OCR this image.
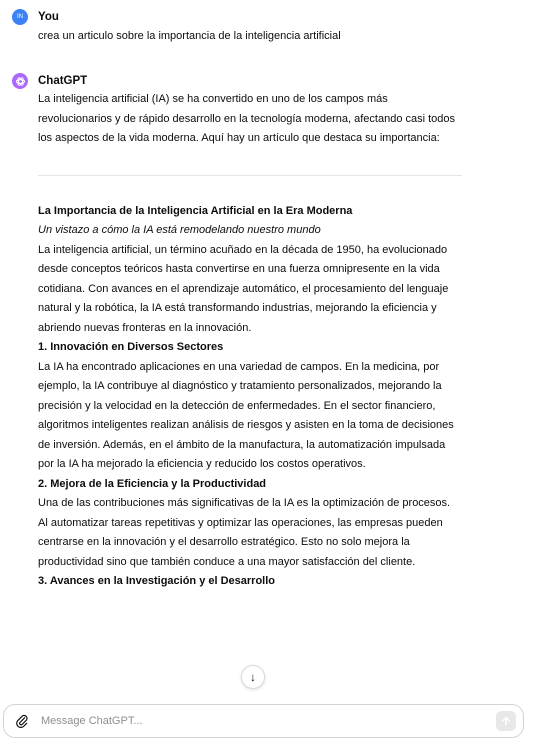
IN	You
crea un articulo sobre la importancia de la inteligencia artificial
ChatGPT

La inteligencia artificial (IA) se ha convertido en uno de los campos más revolucionarios y de rápido desarrollo en la tecnología moderna, afectando casi todos los aspectos de la vida moderna. Aquí hay un artículo que destaca su importancia:

La Importancia de la Inteligencia Artificial en la Era Moderna

Un vistazo a cómo la IA está remodelando nuestro mundo

La inteligencia artificial, un término acuñado en la década de 1950, ha evolucionado desde conceptos teóricos hasta convertirse en una fuerza omnipresente en la vida cotidiana. Con avances en el aprendizaje automático, el procesamiento del lenguaje natural y la robótica, la IA está transformando industrias, mejorando la eficiencia y abriendo nuevas fronteras en la innovación.

1. Innovación en Diversos Sectores

La IA ha encontrado aplicaciones en una variedad de campos. En la medicina, por ejemplo, la IA contribuye al diagnóstico y tratamiento personalizados, mejorando la precisión y la velocidad en la detección de enfermedades. En el sector financiero, algoritmos inteligentes realizan análisis de riesgos y asisten en la toma de decisiones de inversión. Además, en el ámbito de la manufactura, la automatización impulsada por la IA ha mejorado la eficiencia y reducido los costos operativos.

2. Mejora de la Eficiencia y la Productividad

Una de las contribuciones más significativas de la IA es la optimización de procesos. Al automatizar tareas repetitivas y optimizar las operaciones, las empresas pueden centrarse en la innovación y el desarrollo estratégico. Esto no solo mejora la productividad sino que también conduce a una mayor satisfacción del cliente.

3. Avances en la Investigación y el Desarrollo

↓
Message ChatGPT...
